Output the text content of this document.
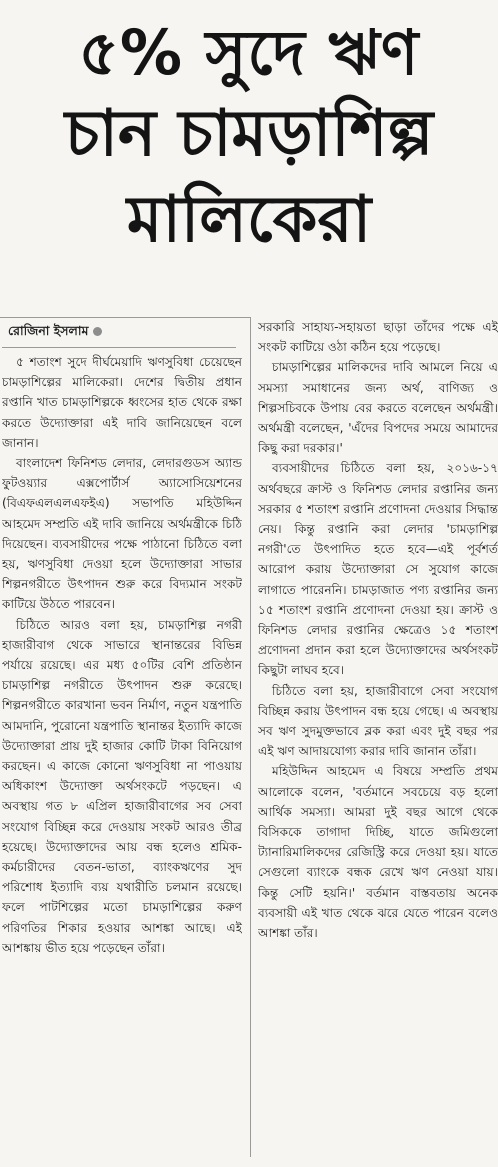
৫% সুদে ঋণ
চান চামড়াশিল্প
মালিকেরা
রোজিনা ইসলাম

৫ শতাংশ সুদে দীর্ঘমেয়াদি ঋণসুবিধা চেয়েছেন চামড়াশিল্পের মালিকেরা। দেশের দ্বিতীয় প্রধান রপ্তানি খাত চামড়াশিল্পকে ধ্বংসের হাত থেকে রক্ষা করতে উদ্যোক্তারা এই দাবি জানিয়েছেন বলে জানান।

বাংলাদেশ ফিনিশড লেদার, লেদারগুডস অ্যান্ড ফুটওয়্যার এক্সপোর্টার্স অ্যাসোসিয়েশনের (বিএফএলএলএফইএ) সভাপতি মহিউদ্দিন আহমেদ সম্প্রতি এই দাবি জানিয়ে অর্থমন্ত্রীকে চিঠি দিয়েছেন। ব্যবসায়ীদের পক্ষে পাঠানো চিঠিতে বলা হয়, ঋণসুবিধা দেওয়া হলে উদ্যোক্তারা সাভার শিল্পনগরীতে উৎপাদন শুরু করে বিদ্যমান সংকট কাটিয়ে উঠতে পারবেন।

চিঠিতে আরও বলা হয়, চামড়াশিল্প নগরী হাজারীবাগ থেকে সাভারে স্থানান্তরের বিভিন্ন পর্যায়ে রয়েছে। এর মধ্য ৫০টির বেশি প্রতিষ্ঠান চামড়াশিল্প নগরীতে উৎপাদন শুরু করেছে। শিল্পনগরীতে কারখানা ভবন নির্মাণ, নতুন যন্ত্রপাতি আমদানি, পুরোনো যন্ত্রপাতি স্থানান্তর ইত্যাদি কাজে উদ্যোক্তারা প্রায় দুই হাজার কোটি টাকা বিনিয়োগ করছেন। এ কাজে কোনো ঋণসুবিধা না পাওয়ায় অধিকাংশ উদ্যোক্তা অর্থসংকটে পড়ছেন। এ অবস্থায় গত ৮ এপ্রিল হাজারীবাগের সব সেবা সংযোগ বিচ্ছিন্ন করে দেওয়ায় সংকট আরও তীব্র হয়েছে। উদ্যোক্তাদের আয় বন্ধ হলেও শ্রমিক-কর্মচারীদের বেতন-ভাতা, ব্যাংকঋণের সুদ পরিশোধ ইত্যাদি ব্যয় যথারীতি চলমান রয়েছে। ফলে পাটশিল্পের মতো চামড়াশিল্পের করুণ পরিণতির শিকার হওয়ার আশঙ্কা আছে। এই আশঙ্কায় ভীত হয়ে পড়েছেন তাঁরা।

সরকারি সাহায্য-সহায়তা ছাড়া তাঁদের পক্ষে এই সংকট কাটিয়ে ওঠা কঠিন হয়ে পড়েছে।

চামড়াশিল্পের মালিকদের দাবি আমলে নিয়ে এ সমস্যা সমাধানের জন্য অর্থ, বাণিজ্য ও শিল্পসচিবকে উপায় বের করতে বলেছেন অর্থমন্ত্রী। অর্থমন্ত্রী বলেছেন, 'এঁদের বিপদের সময়ে আমাদের কিছু করা দরকার।'

ব্যবসায়ীদের চিঠিতে বলা হয়, ২০১৬-১৭ অর্থবছরে ক্রাস্ট ও ফিনিশড লেদার রপ্তানির জন্য সরকার ৫ শতাংশ রপ্তানি প্রণোদনা দেওয়ার সিদ্ধান্ত নেয়। কিন্তু রপ্তানি করা লেদার 'চামড়াশিল্প নগরী'তে উৎপাদিত হতে হবে—এই পূর্বশর্ত আরোপ করায় উদ্যোক্তারা সে সুযোগ কাজে লাগাতে পারেননি। চামড়াজাত পণ্য রপ্তানির জন্য ১৫ শতাংশ রপ্তানি প্রণোদনা দেওয়া হয়। ক্রাস্ট ও ফিনিশড লেদার রপ্তানির ক্ষেত্রেও ১৫ শতাংশ প্রণোদনা প্রদান করা হলে উদ্যোক্তাদের অর্থসংকট কিছুটা লাঘব হবে।

চিঠিতে বলা হয়, হাজারীবাগে সেবা সংযোগ বিচ্ছিন্ন করায় উৎপাদন বন্ধ হয়ে গেছে। এ অবস্থায় সব ঋণ সুদমুক্তভাবে ব্লক করা এবং দুই বছর পর এই ঋণ আদায়যোগ্য করার দাবি জানান তাঁরা।

মহিউদ্দিন আহমেদ এ বিষয়ে সম্প্রতি প্রথম আলোকে বলেন, 'বর্তমানে সবচেয়ে বড় হলো আর্থিক সমস্যা। আমরা দুই বছর আগে থেকে বিসিককে তাগাদা দিচ্ছি, যাতে জমিগুলো ট্যানারিমালিকদের রেজিস্ট্রি করে দেওয়া হয়। যাতে সেগুলো ব্যাংকে বন্ধক রেখে ঋণ নেওয়া যায়। কিন্তু সেটি হয়নি।' বর্তমান বাস্তবতায় অনেক ব্যবসায়ী এই খাত থেকে ঝরে যেতে পারেন বলেও আশঙ্কা তাঁর।
